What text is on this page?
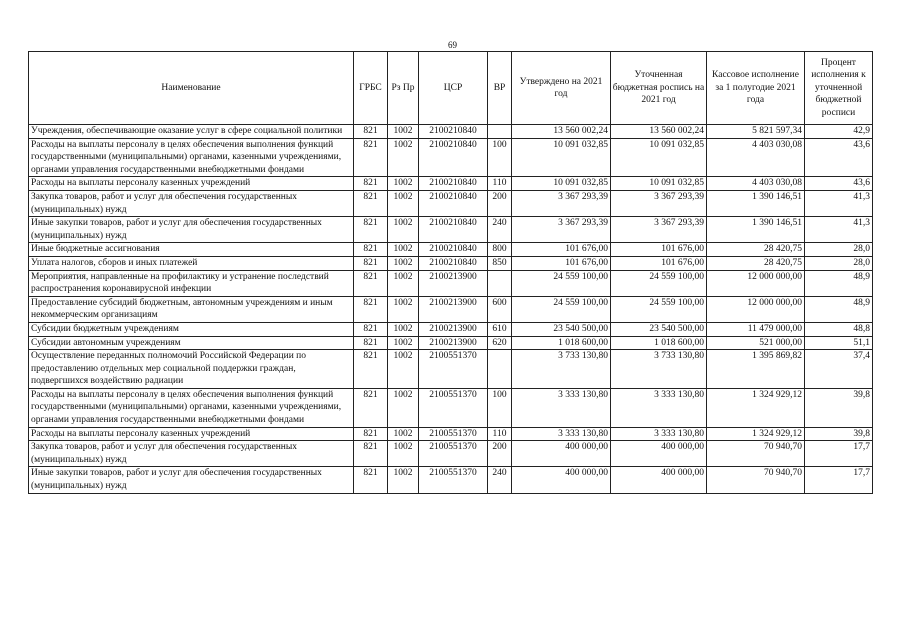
69
Наименование	ГРБС	Рз Пр	ЦСР	ВР	Утверждено на 2021 год	Уточненная бюджетная роспись на 2021 год	Кассовое исполнение за 1 полугодие 2021 года	Процент исполнения к уточненной бюджетной росписи
Учреждения, обеспечивающие оказание услуг в сфере социальной политики	821	1002	2100210840		13 560 002,24	13 560 002,24	5 821 597,34	42,9
Расходы на выплаты персоналу в целях обеспечения выполнения функций государственными (муниципальными) органами, казенными учреждениями, органами управления государственными внебюджетными фондами	821	1002	2100210840	100	10 091 032,85	10 091 032,85	4 403 030,08	43,6
Расходы на выплаты персоналу казенных учреждений	821	1002	2100210840	110	10 091 032,85	10 091 032,85	4 403 030,08	43,6
Закупка товаров, работ и услуг для обеспечения государственных (муниципальных) нужд	821	1002	2100210840	200	3 367 293,39	3 367 293,39	1 390 146,51	41,3
Иные закупки товаров, работ и услуг для обеспечения государственных (муниципальных) нужд	821	1002	2100210840	240	3 367 293,39	3 367 293,39	1 390 146,51	41,3
Иные бюджетные ассигнования	821	1002	2100210840	800	101 676,00	101 676,00	28 420,75	28,0
Уплата налогов, сборов и иных платежей	821	1002	2100210840	850	101 676,00	101 676,00	28 420,75	28,0
Мероприятия, направленные на профилактику и устранение последствий распространения коронавирусной инфекции	821	1002	2100213900		24 559 100,00	24 559 100,00	12 000 000,00	48,9
Предоставление субсидий бюджетным, автономным учреждениям и иным некоммерческим организациям	821	1002	2100213900	600	24 559 100,00	24 559 100,00	12 000 000,00	48,9
Субсидии бюджетным учреждениям	821	1002	2100213900	610	23 540 500,00	23 540 500,00	11 479 000,00	48,8
Субсидии автономным учреждениям	821	1002	2100213900	620	1 018 600,00	1 018 600,00	521 000,00	51,1
Осуществление переданных полномочий Российской Федерации по предоставлению отдельных мер социальной поддержки граждан, подвергшихся воздействию радиации	821	1002	2100551370		3 733 130,80	3 733 130,80	1 395 869,82	37,4
Расходы на выплаты персоналу в целях обеспечения выполнения функций государственными (муниципальными) органами, казенными учреждениями, органами управления государственными внебюджетными фондами	821	1002	2100551370	100	3 333 130,80	3 333 130,80	1 324 929,12	39,8
Расходы на выплаты персоналу казенных учреждений	821	1002	2100551370	110	3 333 130,80	3 333 130,80	1 324 929,12	39,8
Закупка товаров, работ и услуг для обеспечения государственных (муниципальных) нужд	821	1002	2100551370	200	400 000,00	400 000,00	70 940,70	17,7
Иные закупки товаров, работ и услуг для обеспечения государственных (муниципальных) нужд	821	1002	2100551370	240	400 000,00	400 000,00	70 940,70	17,7
